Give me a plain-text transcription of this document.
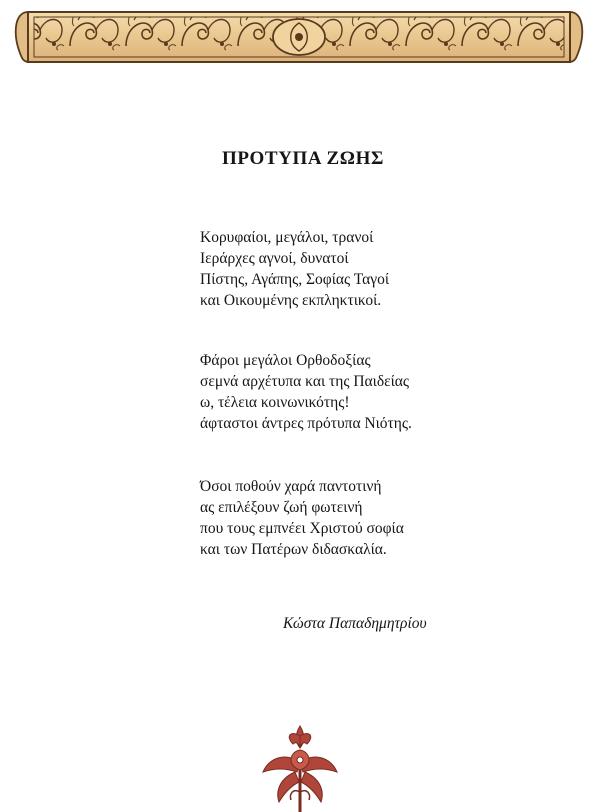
ΠΡΟΤΥΠΑ ΖΩΗΣ
Κορυφαίοι, μεγάλοι, τρανοί
Ιεράρχες αγνοί, δυνατοί
Πίστης, Αγάπης, Σοφίας Ταγοί
και Οικουμένης εκπληκτικοί.
Φάροι μεγάλοι Ορθοδοξίας
σεμνά αρχέτυπα και της Παιδείας
ω, τέλεια κοινωνικότης!
άφταστοι άντρες πρότυπα Νιότης.
Όσοι ποθούν χαρά παντοτινή
ας επιλέξουν ζωή φωτεινή
που τους εμπνέει Χριστού σοφία
και των Πατέρων διδασκαλία.
Κώστα Παπαδημητρίου
